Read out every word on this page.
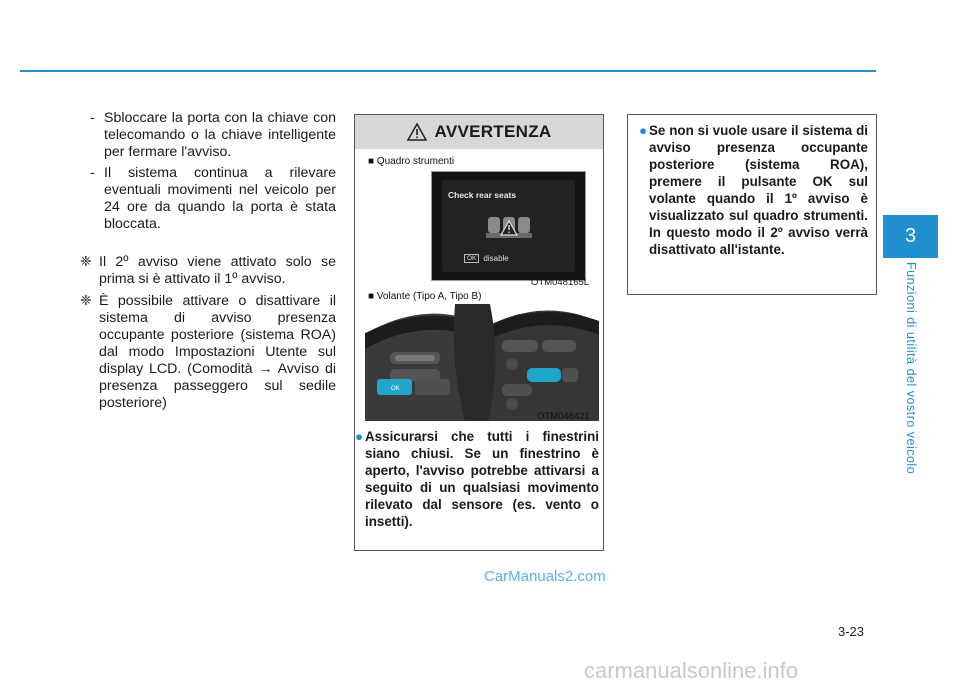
- Sbloccare la porta con la chiave con telecomando o la chiave intelligente per fermare l'avviso.
- Il sistema continua a rilevare eventuali movimenti nel veicolo per 24 ore da quando la porta è stata bloccata.
❈ Il 2º avviso viene attivato solo se prima si è attivato il 1º avviso.
❈ È possibile attivare o disattivare il sistema di avviso presenza occupante posteriore (sistema ROA) dal modo Impostazioni Utente sul display LCD. (Comodità → Avviso di presenza passeggero sul sedile posteriore)
AVVERTENZA
■ Quadro strumenti
Check rear seats
OK disable
OTM048165L
■ Volante (Tipo A, Tipo B)
OK
OTM048421
● Assicurarsi che tutti i finestrini siano chiusi. Se un finestrino è aperto, l'avviso potrebbe attivarsi a seguito di un qualsiasi movimento rilevato dal sensore (es. vento o insetti).
● Se non si vuole usare il sistema di avviso presenza occupante posteriore (sistema ROA), premere il pulsante OK sul volante quando il 1º avviso è visualizzato sul quadro strumenti. In questo modo il 2º avviso verrà disattivato all'istante.
3
Funzioni di utilità del vostro veicolo
3-23
CarManuals2.com
carmanualsonline.info
